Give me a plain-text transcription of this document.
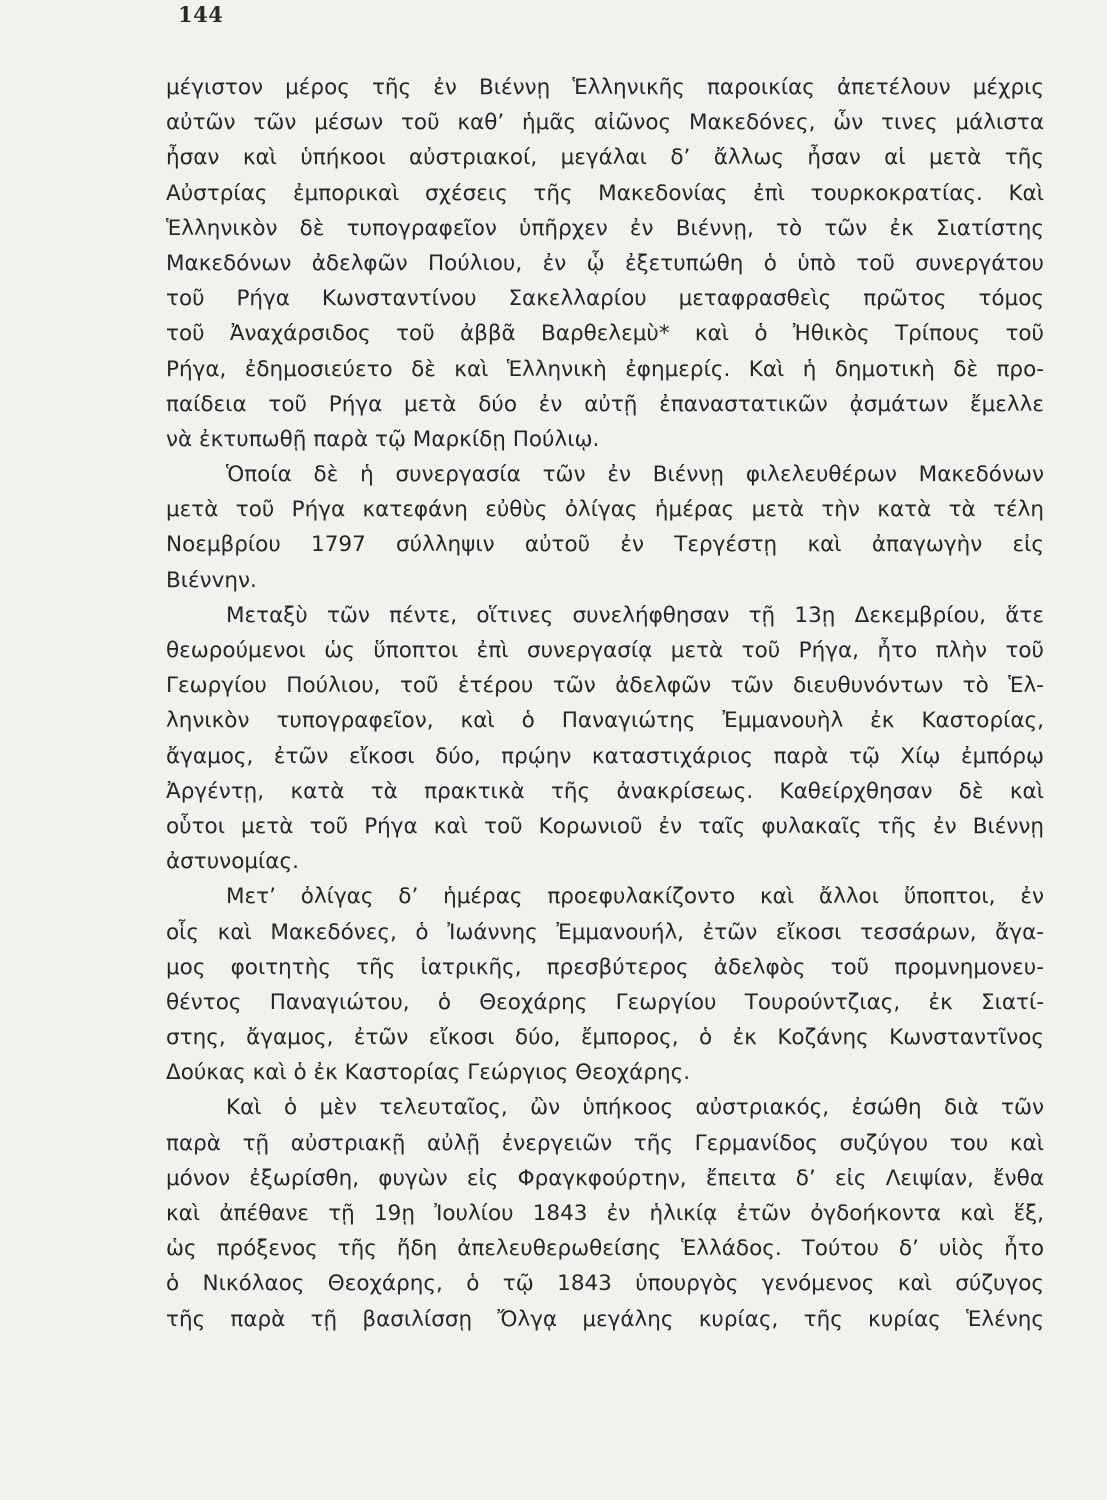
144
μέγιστον μέρος τῆς ἐν Βιέννῃ Ἑλληνικῆς παροικίας ἀπετέλουν μέχρις
αὐτῶν τῶν μέσων τοῦ καθ’ ἡμᾶς αἰῶνος Μακεδόνες, ὧν τινες μάλιστα
ἦσαν καὶ ὑπήκοοι αὐστριακοί, μεγάλαι δ’ ἄλλως ἦσαν αἱ μετὰ τῆς
Αὐστρίας ἐμπορικαὶ σχέσεις τῆς Μακεδονίας ἐπὶ τουρκοκρατίας. Καὶ
Ἑλληνικὸν δὲ τυπογραφεῖον ὑπῆρχεν ἐν Βιέννῃ, τὸ τῶν ἐκ Σιατίστης
Μακεδόνων ἀδελφῶν Πούλιου, ἐν ᾧ ἐξετυπώθη ὁ ὑπὸ τοῦ συνεργάτου
τοῦ Ρήγα Κωνσταντίνου Σακελλαρίου μεταφρασθεὶς πρῶτος τόμος
τοῦ Ἀναχάρσιδος τοῦ ἀββᾶ Βαρθελεμὺ* καὶ ὁ Ἠθικὸς Τρίπους τοῦ
Ρήγα, ἐδημοσιεύετο δὲ καὶ Ἑλληνικὴ ἐφημερίς. Καὶ ἡ δημοτικὴ δὲ προ-
παίδεια τοῦ Ρήγα μετὰ δύο ἐν αὐτῇ ἐπαναστατικῶν ᾀσμάτων ἔμελλε
νὰ ἐκτυπωθῇ παρὰ τῷ Μαρκίδῃ Πούλιῳ.
Ὁποία δὲ ἡ συνεργασία τῶν ἐν Βιέννῃ φιλελευθέρων Μακεδόνων
μετὰ τοῦ Ρήγα κατεφάνη εὐθὺς ὀλίγας ἡμέρας μετὰ τὴν κατὰ τὰ τέλη
Νοεμβρίου 1797 σύλληψιν αὐτοῦ ἐν Τεργέστῃ καὶ ἀπαγωγὴν εἰς
Βιένvην.
Μεταξὺ τῶν πέντε, οἵτινες συνελήφθησαν τῇ 13ῃ Δεκεμβρίου, ἅτε
θεωρούμενοι ὡς ὕποπτοι ἐπὶ συνεργασίᾳ μετὰ τοῦ Ρήγα, ἦτο πλὴν τοῦ
Γεωργίου Πούλιου, τοῦ ἑτέρου τῶν ἀδελφῶν τῶν διευθυνόντων τὸ Ἑλ-
ληνικὸν τυπογραφεῖον, καὶ ὁ Παναγιώτης Ἐμμανουὴλ ἐκ Καστορίας,
ἄγαμος, ἐτῶν εἴκοσι δύο, πρῴην καταστιχάριος παρὰ τῷ Χίῳ ἐμπόρῳ
Ἀργέντῃ, κατὰ τὰ πρακτικὰ τῆς ἀνακρίσεως. Καθείρχθησαν δὲ καὶ
οὗτοι μετὰ τοῦ Ρήγα καὶ τοῦ Κορωνιοῦ ἐν ταῖς φυλακαῖς τῆς ἐν Βιέννῃ
ἀστυνομίας.
Μετ’ ὀλίγας δ’ ἡμέρας προεφυλακίζοντο καὶ ἄλλοι ὕποπτοι, ἐν
οἷς καὶ Μακεδόνες, ὁ Ἰωάννης Ἐμμανουήλ, ἐτῶν εἴκοσι τεσσάρων, ἄγα-
μος φοιτητὴς τῆς ἰατρικῆς, πρεσβύτερος ἀδελφὸς τοῦ προμνημονευ-
θέντος Παναγιώτου, ὁ Θεοχάρης Γεωργίου Τουρούντζιας, ἐκ Σιατί-
στης, ἄγαμος, ἐτῶν εἴκοσι δύο, ἔμπορος, ὁ ἐκ Κοζάνης Κωνσταντῖνος
Δούκας καὶ ὁ ἐκ Καστορίας Γεώργιος Θεοχάρης.
Καὶ ὁ μὲν τελευταῖος, ὢν ὑπήκοος αὐστριακός, ἐσώθη διὰ τῶν
παρὰ τῇ αὐστριακῇ αὐλῇ ἐνεργειῶν τῆς Γερμανίδος συζύγου του καὶ
μόνον ἐξωρίσθη, φυγὼν εἰς Φραγκφούρτην, ἔπειτα δ’ εἰς Λειψίαν, ἔνθα
καὶ ἀπέθανε τῇ 19ῃ Ἰουλίου 1843 ἐν ἡλικίᾳ ἐτῶν ὀγδοήκοντα καὶ ἕξ,
ὡς πρόξενος τῆς ἤδη ἀπελευθερωθείσης Ἑλλάδος. Τούτου δ’ υἱὸς ἦτο
ὁ Νικόλαος Θεοχάρης, ὁ τῷ 1843 ὑπουργὸς γενόμενος καὶ σύζυγος
τῆς παρὰ τῇ βασιλίσσῃ Ὄλγᾳ μεγάλης κυρίας, τῆς κυρίας Ἑλένης
